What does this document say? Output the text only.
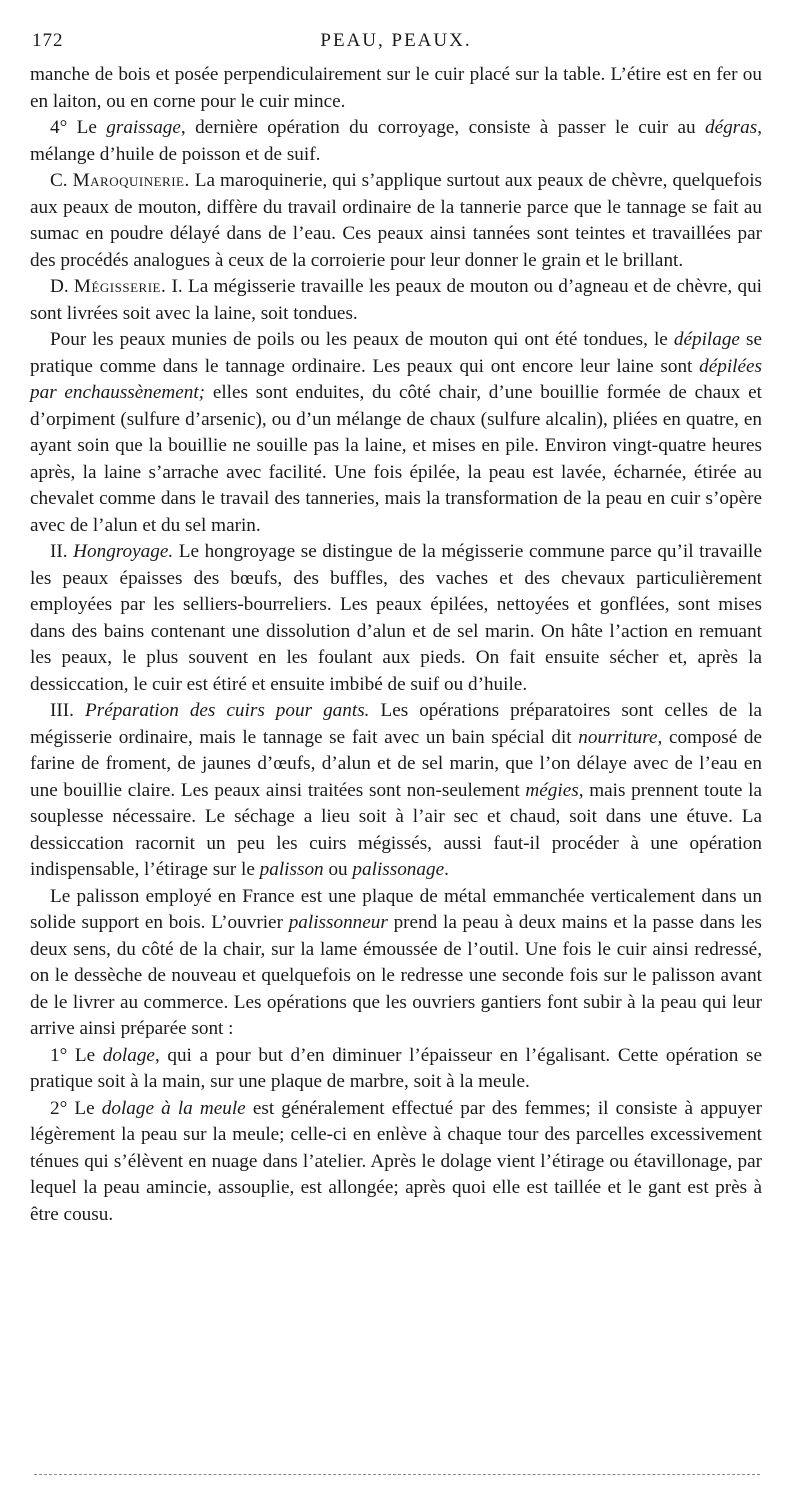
172	PEAU, PEAUX.

manche de bois et posée perpendiculairement sur le cuir placé sur la table. L’étire est en fer ou en laiton, ou en corne pour le cuir mince.

4° Le graissage, dernière opération du corroyage, consiste à passer le cuir au dégras, mélange d’huile de poisson et de suif.

C. Maroquinerie. La maroquinerie, qui s’applique surtout aux peaux de chèvre, quelquefois aux peaux de mouton, diffère du travail ordinaire de la tannerie parce que le tannage se fait au sumac en poudre délayé dans de l’eau. Ces peaux ainsi tannées sont teintes et travaillées par des procédés analogues à ceux de la corroierie pour leur donner le grain et le brillant.

D. Mégisserie. I. La mégisserie travaille les peaux de mouton ou d’agneau et de chèvre, qui sont livrées soit avec la laine, soit tondues.

Pour les peaux munies de poils ou les peaux de mouton qui ont été tondues, le dépilage se pratique comme dans le tannage ordinaire. Les peaux qui ont encore leur laine sont dépilées par enchaussènement; elles sont enduites, du côté chair, d’une bouillie formée de chaux et d’orpiment (sulfure d’arsenic), ou d’un mélange de chaux (sulfure alcalin), pliées en quatre, en ayant soin que la bouillie ne souille pas la laine, et mises en pile. Environ vingt-quatre heures après, la laine s’arrache avec facilité. Une fois épilée, la peau est lavée, écharnée, étirée au chevalet comme dans le travail des tanneries, mais la transformation de la peau en cuir s’opère avec de l’alun et du sel marin.

II. Hongroyage. Le hongroyage se distingue de la mégisserie commune parce qu’il travaille les peaux épaisses des bœufs, des buffles, des vaches et des chevaux particulièrement employées par les selliers-bourreliers. Les peaux épilées, nettoyées et gonflées, sont mises dans des bains contenant une dissolution d’alun et de sel marin. On hâte l’action en remuant les peaux, le plus souvent en les foulant aux pieds. On fait ensuite sécher et, après la dessiccation, le cuir est étiré et ensuite imbibé de suif ou d’huile.

III. Préparation des cuirs pour gants. Les opérations préparatoires sont celles de la mégisserie ordinaire, mais le tannage se fait avec un bain spécial dit nourriture, composé de farine de froment, de jaunes d’œufs, d’alun et de sel marin, que l’on délaye avec de l’eau en une bouillie claire. Les peaux ainsi traitées sont non-seulement mégies, mais prennent toute la souplesse nécessaire. Le séchage a lieu soit à l’air sec et chaud, soit dans une étuve. La dessiccation racornit un peu les cuirs mégissés, aussi faut-il procéder à une opération indispensable, l’étirage sur le palisson ou palissonage.

Le palisson employé en France est une plaque de métal emmanchée verticalement dans un solide support en bois. L’ouvrier palissonneur prend la peau à deux mains et la passe dans les deux sens, du côté de la chair, sur la lame émoussée de l’outil. Une fois le cuir ainsi redressé, on le dessèche de nouveau et quelquefois on le redresse une seconde fois sur le palisson avant de le livrer au commerce. Les opérations que les ouvriers gantiers font subir à la peau qui leur arrive ainsi préparée sont :

1° Le dolage, qui a pour but d’en diminuer l’épaisseur en l’égalisant. Cette opération se pratique soit à la main, sur une plaque de marbre, soit à la meule.

2° Le dolage à la meule est généralement effectué par des femmes; il consiste à appuyer légèrement la peau sur la meule; celle-ci en enlève à chaque tour des parcelles excessivement ténues qui s’élèvent en nuage dans l’atelier. Après le dolage vient l’étirage ou étavillonage, par lequel la peau amincie, assouplie, est allongée; après quoi elle est taillée et le gant est près à être cousu.
